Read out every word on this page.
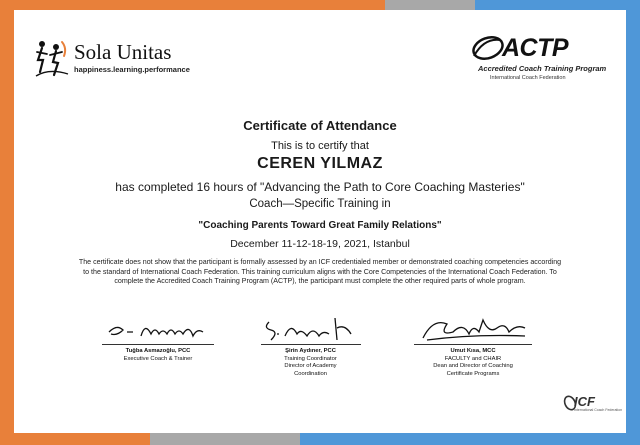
Sola Unitas
happiness.learning.performance
ACTP
Accredited Coach Training Program
International Coach Federation
Certificate of Attendance
This is to certify that
CEREN YILMAZ
has completed 16 hours of "Advancing the Path to Core Coaching Masteries"
Coach—Specific Training in
"Coaching Parents Toward Great Family Relations"
December 11-12-18-19, 2021, Istanbul
The certificate does not show that the participant is formally assessed by an ICF credentialed member or demonstrated coaching competencies according to the standard of International Coach Federation. This training curriculum aligns with the Core Competencies of the International Coach Federation. To complete the Accredited Coach Training Program (ACTP), the participant must complete the other required parts of whole program.
Tuğba Asmazoğlu, PCC
Executive Coach & Trainer
Şirin Aydıner, PCC
Training Coordinator
Director of Academy
Coordination
Umut Kısa, MCC
FACULTY and CHAIR
Dean and Director of Coaching
Certificate Programs
ICF
International Coach Federation
